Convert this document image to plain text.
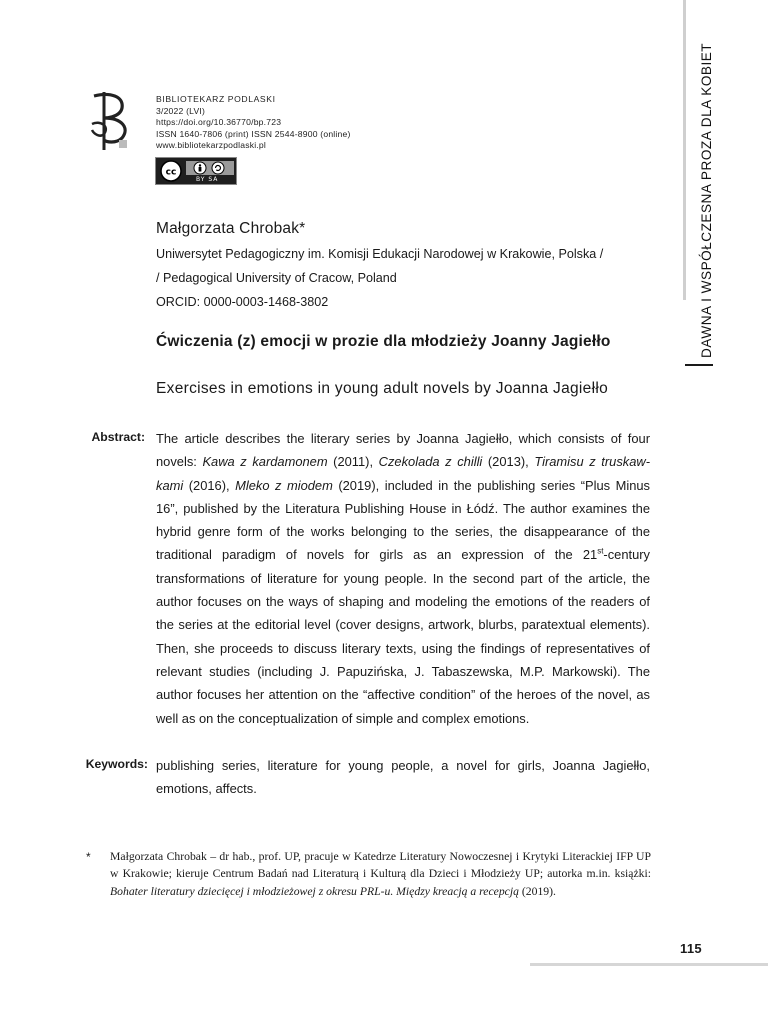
BIBLIOTEKARZ PODLASKI
3/2022 (LVI)
https://doi.org/10.36770/bp.723
ISSN 1640-7806 (print) ISSN 2544-8900 (online)
www.bibliotekarzpodlaski.pl
cc
BY SA
Małgorzata Chrobak*
Uniwersytet Pedagogiczny im. Komisji Edukacji Narodowej w Krakowie, Polska /
/ Pedagogical University of Cracow, Poland
ORCID: 0000-0003-1468-3802
Ćwiczenia (z) emocji w prozie dla młodzieży Joanny Jagiełło
Exercises in emotions in young adult novels by Joanna Jagiełło
Abstract: The article describes the literary series by Joanna Jagiełło, which consists of four novels: Kawa z kardamonem (2011), Czekolada z chilli (2013), Tiramisu z truskawkami (2016), Mleko z miodem (2019), included in the publishing series “Plus Minus 16”, published by the Literatura Publishing House in Łódź. The author examines the hybrid genre form of the works belonging to the series, the disappearance of the traditional paradigm of novels for girls as an expression of the 21st-century transformations of literature for young people. In the second part of the article, the author focuses on the ways of shaping and modeling the emotions of the readers of the series at the editorial level (cover designs, artwork, blurbs, paratextual elements). Then, she proceeds to discuss literary texts, using the findings of representatives of relevant studies (including J. Papuzińska, J. Tabaszewska, M.P. Markowski). The author focuses her attention on the “affective condition” of the heroes of the novel, as well as on the conceptualization of simple and complex emotions.
Keywords: publishing series, literature for young people, a novel for girls, Joanna Jagiełło, emotions, affects.
* Małgorzata Chrobak – dr hab., prof. UP, pracuje w Katedrze Literatury Nowoczesnej i Krytyki Literackiej IFP UP w Krakowie; kieruje Centrum Badań nad Literaturą i Kulturą dla Dzieci i Młodzieży UP; autorka m.in. książki: Bohater literatury dziecięcej i młodzieżowej z okresu PRL-u. Między kreacją a recepcją (2019).
115
DAWNA I WSPÓŁCZESNA PROZA DLA KOBIET
